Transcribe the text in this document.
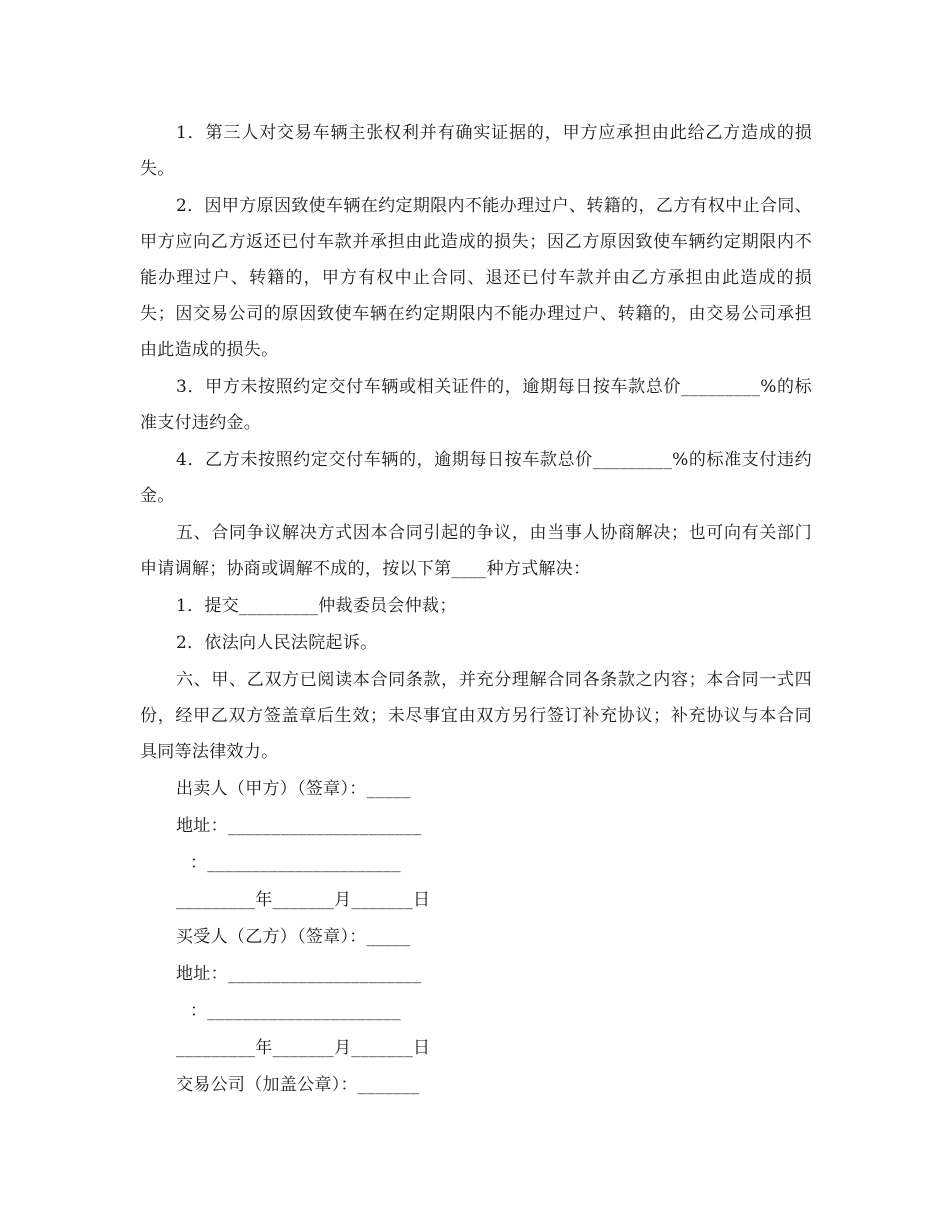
1．第三人对交易车辆主张权利并有确实证据的，甲方应承担由此给乙方造成的损失。

2．因甲方原因致使车辆在约定期限内不能办理过户、转籍的，乙方有权中止合同、甲方应向乙方返还已付车款并承担由此造成的损失；因乙方原因致使车辆约定期限内不能办理过户、转籍的，甲方有权中止合同、退还已付车款并由乙方承担由此造成的损失；因交易公司的原因致使车辆在约定期限内不能办理过户、转籍的，由交易公司承担由此造成的损失。

3．甲方未按照约定交付车辆或相关证件的，逾期每日按车款总价_________%的标准支付违约金。

4．乙方未按照约定交付车辆的，逾期每日按车款总价_________%的标准支付违约金。

五、合同争议解决方式因本合同引起的争议，由当事人协商解决；也可向有关部门申请调解；协商或调解不成的，按以下第____种方式解决：

1．提交_________仲裁委员会仲裁；

2．依法向人民法院起诉。

六、甲、乙双方已阅读本合同条款，并充分理解合同各条款之内容；本合同一式四份，经甲乙双方签盖章后生效；未尽事宜由双方另行签订补充协议；补充协议与本合同具同等法律效力。

出卖人（甲方）（签章）：_____
地址：______________________
：______________________
_________年_______月_______日
买受人（乙方）（签章）：_____
地址：______________________
：______________________
_________年_______月_______日
交易公司（加盖公章）：_______
